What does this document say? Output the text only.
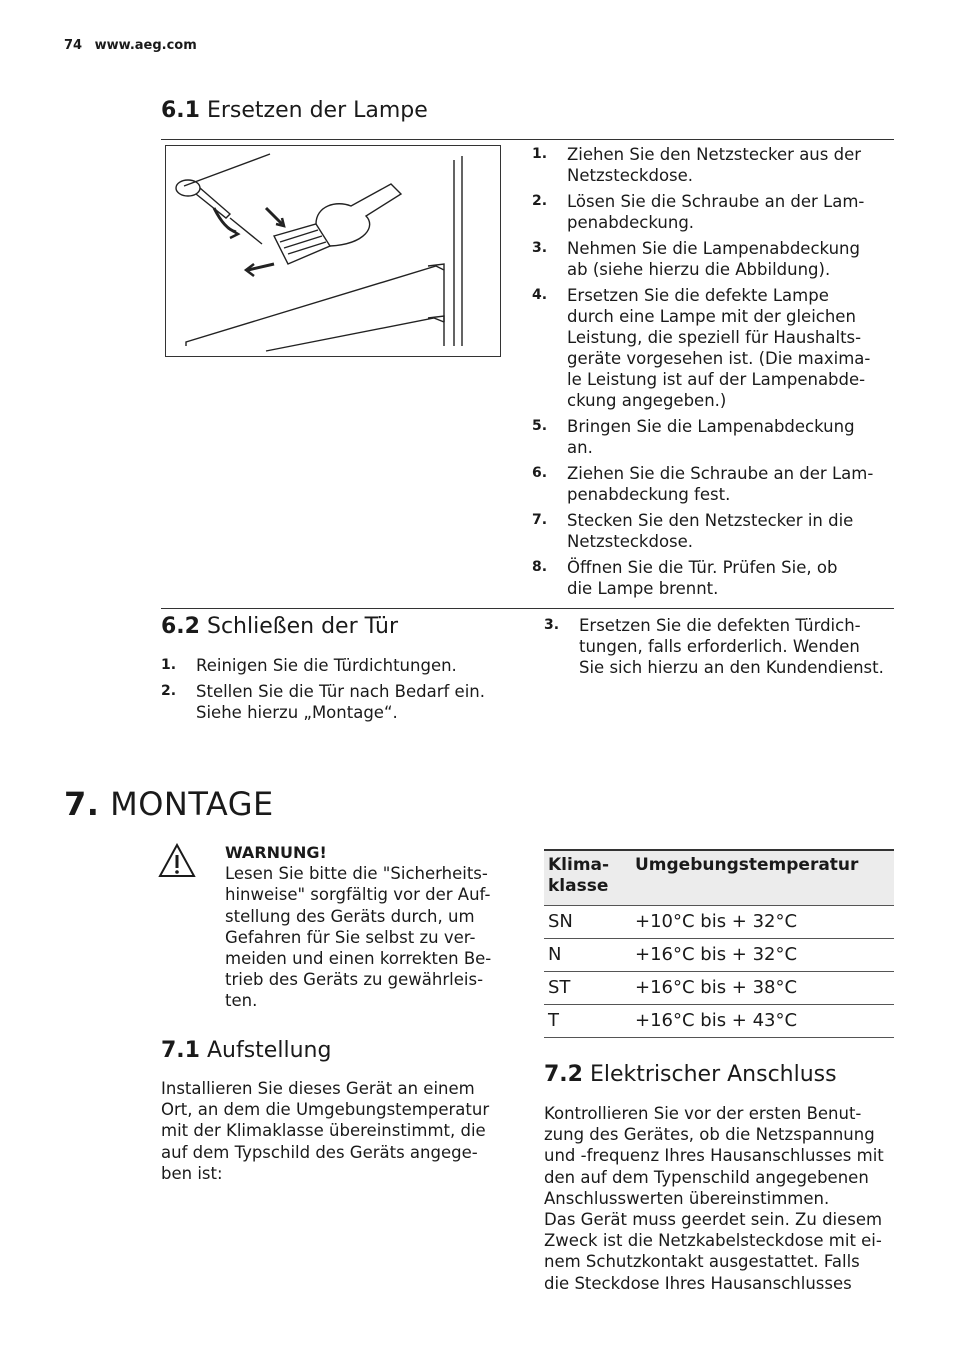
74 www.aeg.com
6.1 Ersetzen der Lampe
1. Ziehen Sie den Netzstecker aus der
Netzsteckdose.
2. Lösen Sie die Schraube an der Lam-
penabdeckung.
3. Nehmen Sie die Lampenabdeckung
ab (siehe hierzu die Abbildung).
4. Ersetzen Sie die defekte Lampe
durch eine Lampe mit der gleichen
Leistung, die speziell für Haushalts-
geräte vorgesehen ist. (Die maxima-
le Leistung ist auf der Lampenabde-
ckung angegeben.)
5. Bringen Sie die Lampenabdeckung
an.
6. Ziehen Sie die Schraube an der Lam-
penabdeckung fest.
7. Stecken Sie den Netzstecker in die
Netzsteckdose.
8. Öffnen Sie die Tür. Prüfen Sie, ob
die Lampe brennt.
6.2 Schließen der Tür
1. Reinigen Sie die Türdichtungen.
2. Stellen Sie die Tür nach Bedarf ein.
Siehe hierzu „Montage“.
3. Ersetzen Sie die defekten Türdich-
tungen, falls erforderlich. Wenden
Sie sich hierzu an den Kundendienst.
7. MONTAGE
WARNUNG!
Lesen Sie bitte die "Sicherheits-
hinweise" sorgfältig vor der Auf-
stellung des Geräts durch, um
Gefahren für Sie selbst zu ver-
meiden und einen korrekten Be-
trieb des Geräts zu gewährleis-
ten.
7.1 Aufstellung
Installieren Sie dieses Gerät an einem
Ort, an dem die Umgebungstemperatur
mit der Klimaklasse übereinstimmt, die
auf dem Typschild des Geräts angege-
ben ist:
Klima-
klasse	Umgebungstemperatur
SN	+10°C bis + 32°C
N	+16°C bis + 32°C
ST	+16°C bis + 38°C
T	+16°C bis + 43°C
7.2 Elektrischer Anschluss
Kontrollieren Sie vor der ersten Benut-
zung des Gerätes, ob die Netzspannung
und -frequenz Ihres Hausanschlusses mit
den auf dem Typenschild angegebenen
Anschlusswerten übereinstimmen.
Das Gerät muss geerdet sein. Zu diesem
Zweck ist die Netzkabelsteckdose mit ei-
nem Schutzkontakt ausgestattet. Falls
die Steckdose Ihres Hausanschlusses
